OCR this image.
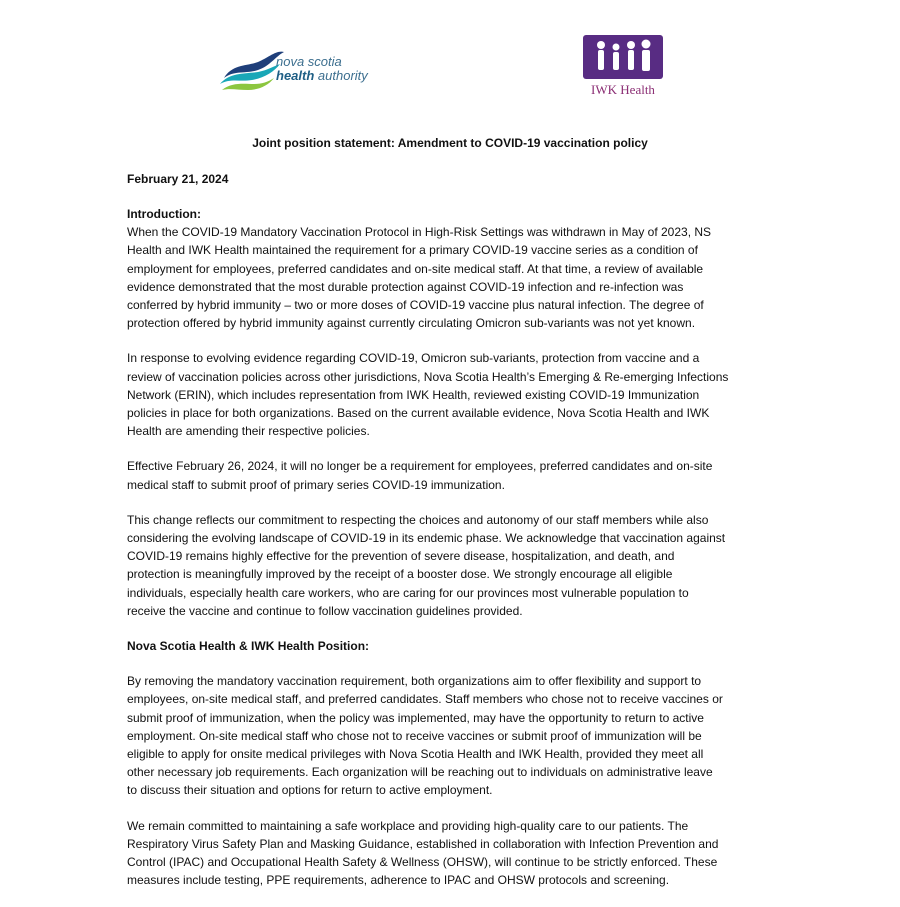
nova scotia
health authority
IWK Health
Joint position statement: Amendment to COVID-19 vaccination policy
February 21, 2024
Introduction:

When the COVID-19 Mandatory Vaccination Protocol in High-Risk Settings was withdrawn in May of 2023, NS
Health and IWK Health maintained the requirement for a primary COVID-19 vaccine series as a condition of
employment for employees, preferred candidates and on-site medical staff. At that time, a review of available
evidence demonstrated that the most durable protection against COVID-19 infection and re-infection was
conferred by hybrid immunity – two or more doses of COVID-19 vaccine plus natural infection. The degree of
protection offered by hybrid immunity against currently circulating Omicron sub-variants was not yet known.

In response to evolving evidence regarding COVID-19, Omicron sub-variants, protection from vaccine and a
review of vaccination policies across other jurisdictions, Nova Scotia Health’s Emerging & Re-emerging Infections
Network (ERIN), which includes representation from IWK Health, reviewed existing COVID-19 Immunization
policies in place for both organizations. Based on the current available evidence, Nova Scotia Health and IWK
Health are amending their respective policies.

Effective February 26, 2024, it will no longer be a requirement for employees, preferred candidates and on-site
medical staff to submit proof of primary series COVID-19 immunization.

This change reflects our commitment to respecting the choices and autonomy of our staff members while also
considering the evolving landscape of COVID-19 in its endemic phase. We acknowledge that vaccination against
COVID-19 remains highly effective for the prevention of severe disease, hospitalization, and death, and
protection is meaningfully improved by the receipt of a booster dose. We strongly encourage all eligible
individuals, especially health care workers, who are caring for our provinces most vulnerable population to
receive the vaccine and continue to follow vaccination guidelines provided.

Nova Scotia Health & IWK Health Position:

By removing the mandatory vaccination requirement, both organizations aim to offer flexibility and support to
employees, on-site medical staff, and preferred candidates. Staff members who chose not to receive vaccines or
submit proof of immunization, when the policy was implemented, may have the opportunity to return to active
employment. On-site medical staff who chose not to receive vaccines or submit proof of immunization will be
eligible to apply for onsite medical privileges with Nova Scotia Health and IWK Health, provided they meet all
other necessary job requirements. Each organization will be reaching out to individuals on administrative leave
to discuss their situation and options for return to active employment.

We remain committed to maintaining a safe workplace and providing high-quality care to our patients. The
Respiratory Virus Safety Plan and Masking Guidance, established in collaboration with Infection Prevention and
Control (IPAC) and Occupational Health Safety & Wellness (OHSW), will continue to be strictly enforced. These
measures include testing, PPE requirements, adherence to IPAC and OHSW protocols and screening.
